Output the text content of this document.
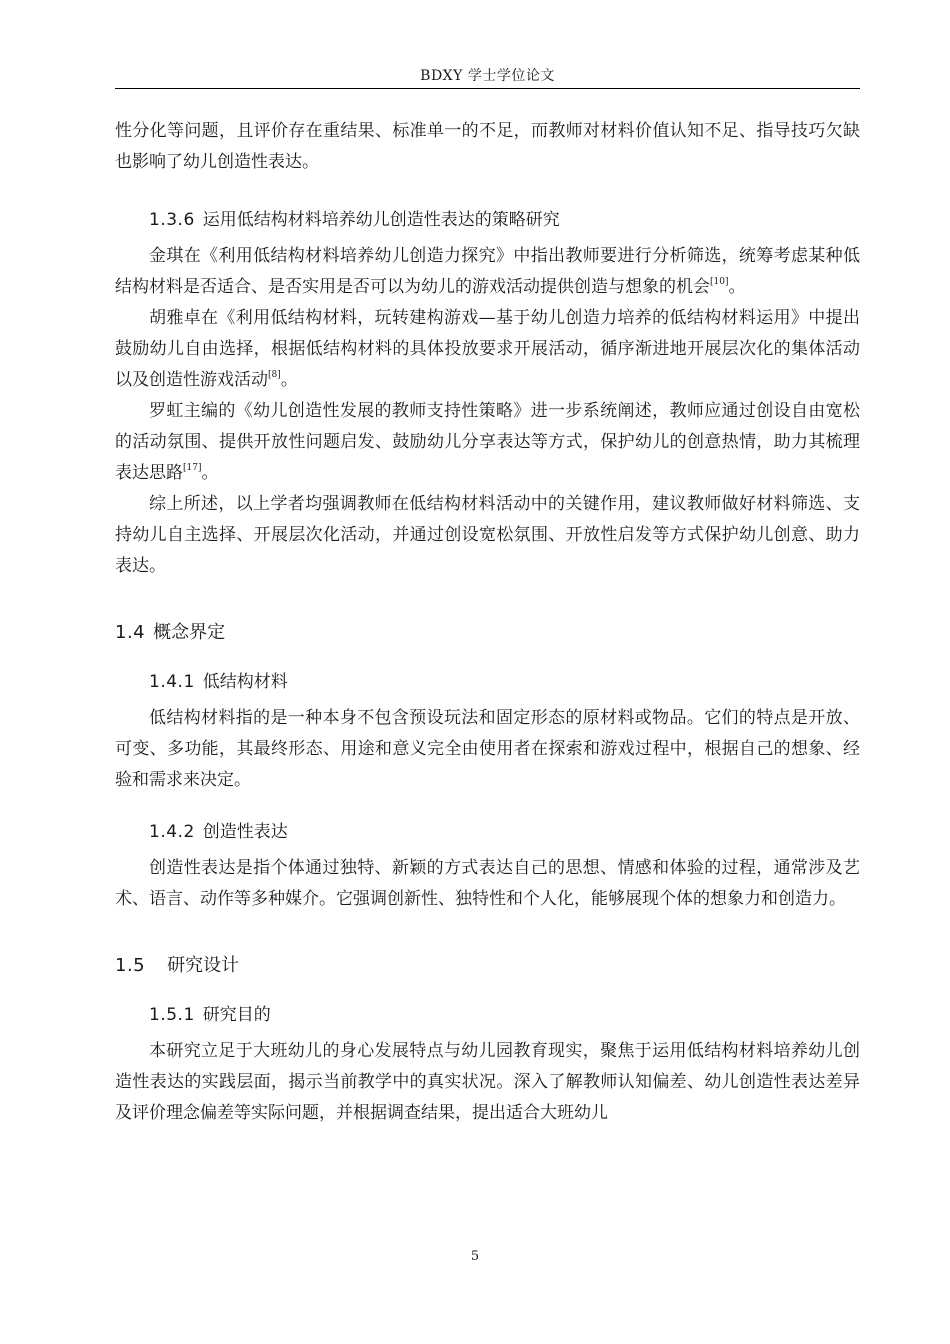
BDXY 学士学位论文

性分化等问题，且评价存在重结果、标准单一的不足，而教师对材料价值认知不足、指导技巧欠缺也影响了幼儿创造性表达。

1.3.6 运用低结构材料培养幼儿创造性表达的策略研究

金琪在《利用低结构材料培养幼儿创造力探究》中指出教师要进行分析筛选，统筹考虑某种低结构材料是否适合、是否实用是否可以为幼儿的游戏活动提供创造与想象的机会[10]。

胡雅卓在《利用低结构材料，玩转建构游戏—基于幼儿创造力培养的低结构材料运用》中提出鼓励幼儿自由选择，根据低结构材料的具体投放要求开展活动，循序渐进地开展层次化的集体活动以及创造性游戏活动[8]。

罗虹主编的《幼儿创造性发展的教师支持性策略》进一步系统阐述，教师应通过创设自由宽松的活动氛围、提供开放性问题启发、鼓励幼儿分享表达等方式，保护幼儿的创意热情，助力其梳理表达思路[17]。

综上所述，以上学者均强调教师在低结构材料活动中的关键作用，建议教师做好材料筛选、支持幼儿自主选择、开展层次化活动，并通过创设宽松氛围、开放性启发等方式保护幼儿创意、助力表达。

1.4 概念界定
1.4.1 低结构材料

低结构材料指的是一种本身不包含预设玩法和固定形态的原材料或物品。它们的特点是开放、可变、多功能，其最终形态、用途和意义完全由使用者在探索和游戏过程中，根据自己的想象、经验和需求来决定。

1.4.2 创造性表达

创造性表达是指个体通过独特、新颖的方式表达自己的思想、情感和体验的过程，通常涉及艺术、语言、动作等多种媒介。它强调创新性、独特性和个人化，能够展现个体的想象力和创造力。

1.5 研究设计
1.5.1 研究目的

本研究立足于大班幼儿的身心发展特点与幼儿园教育现实，聚焦于运用低结构材料培养幼儿创造性表达的实践层面，揭示当前教学中的真实状况。深入了解教师认知偏差、幼儿创造性表达差异及评价理念偏差等实际问题，并根据调查结果，提出适合大班幼儿

5
